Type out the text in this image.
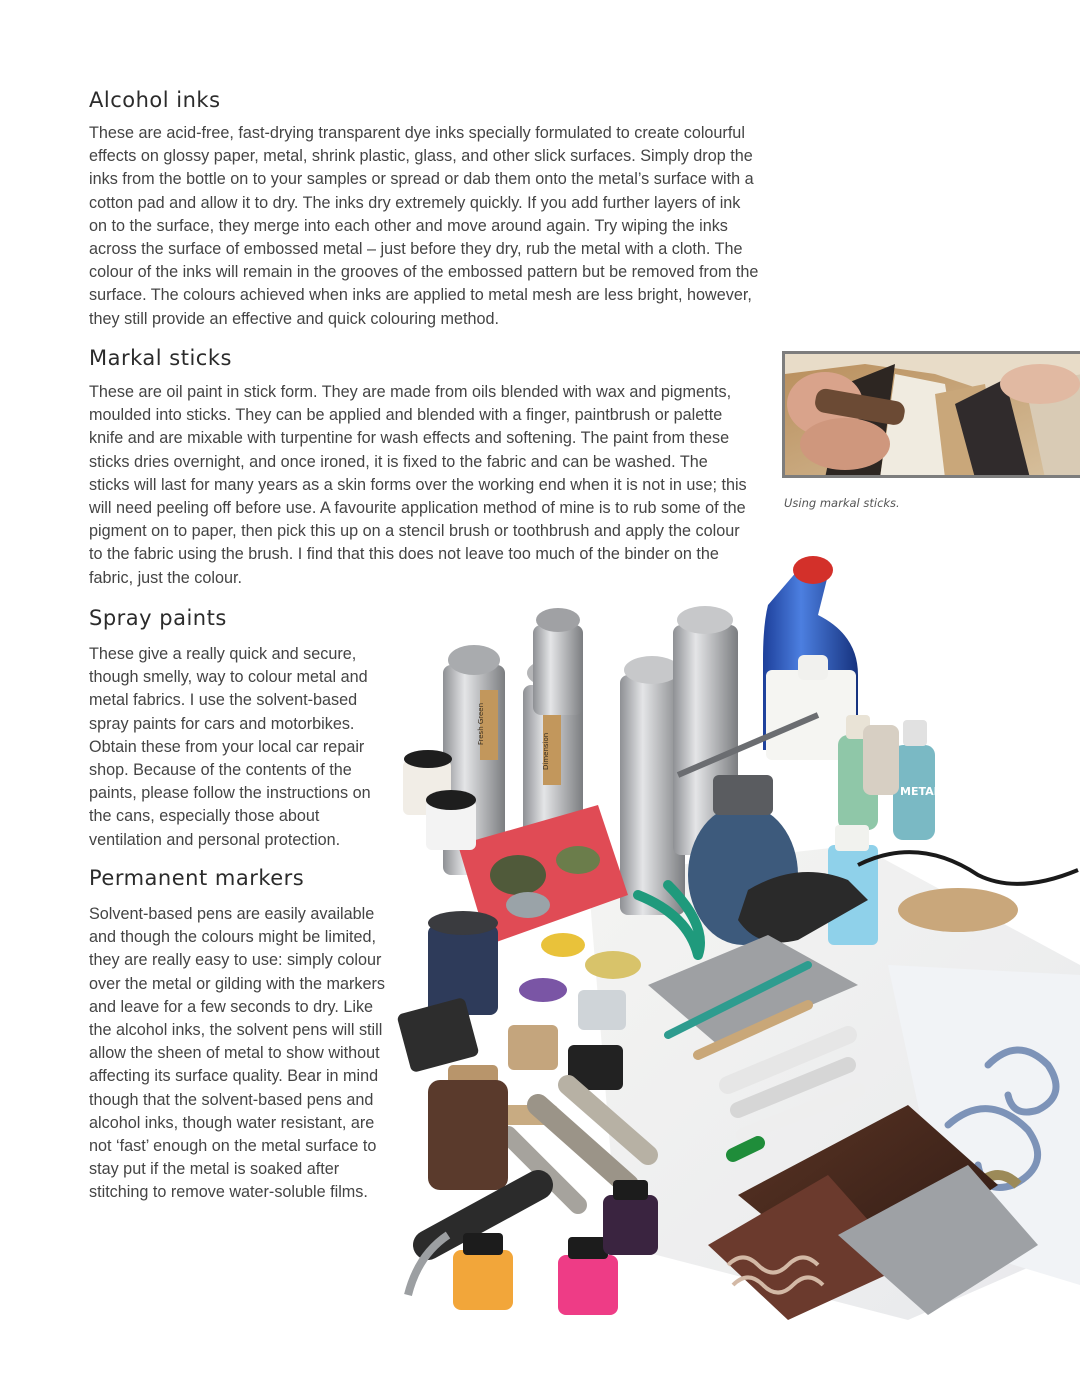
Alcohol inks

These are acid-free, fast-drying transparent dye inks specially formulated to create colourful effects on glossy paper, metal, shrink plastic, glass, and other slick surfaces. Simply drop the inks from the bottle on to your samples or spread or dab them onto the metal’s surface with a cotton pad and allow it to dry. The inks dry extremely quickly. If you add further layers of ink on to the surface, they merge into each other and move around again. Try wiping the inks across the surface of embossed metal – just before they dry, rub the metal with a cloth. The colour of the inks will remain in the grooves of the embossed pattern but be removed from the surface. The colours achieved when inks are applied to metal mesh are less bright, however, they still provide an effective and quick colouring method.

Markal sticks

These are oil paint in stick form. They are made from oils blended with wax and pigments, moulded into sticks. They can be applied and blended with a finger, paintbrush or palette knife and are mixable with turpentine for wash effects and softening. The paint from these sticks dries overnight, and once ironed, it is fixed to the fabric and can be washed. The sticks will last for many years as a skin forms over the working end when it is not in use; this will need peeling off before use. A favourite application method of mine is to rub some of the pigment on to paper, then pick this up on a stencil brush or toothbrush and apply the colour to the fabric using the brush. I find that this does not leave too much of the binder on the fabric, just the colour.

Spray paints

These give a really quick and secure, though smelly, way to colour metal and metal fabrics. I use the solvent-based spray paints for cars and motorbikes. Obtain these from your local car repair shop. Because of the contents of the paints, please follow the instructions on the cans, especially those about ventilation and personal protection.

Permanent markers

Solvent-based pens are easily available and though the colours might be limited, they are really easy to use: simply colour over the metal or gilding with the markers and leave for a few seconds to dry. Like the alcohol inks, the solvent pens will still allow the sheen of metal to show without affecting its surface quality. Bear in mind though that the solvent-based pens and alcohol inks, though water resistant, are not ‘fast’ enough on the metal surface to stay put if the metal is soaked after stitching to remove water-soluble films.

Using markal sticks.

METAL
Fresh Green
Dimension
